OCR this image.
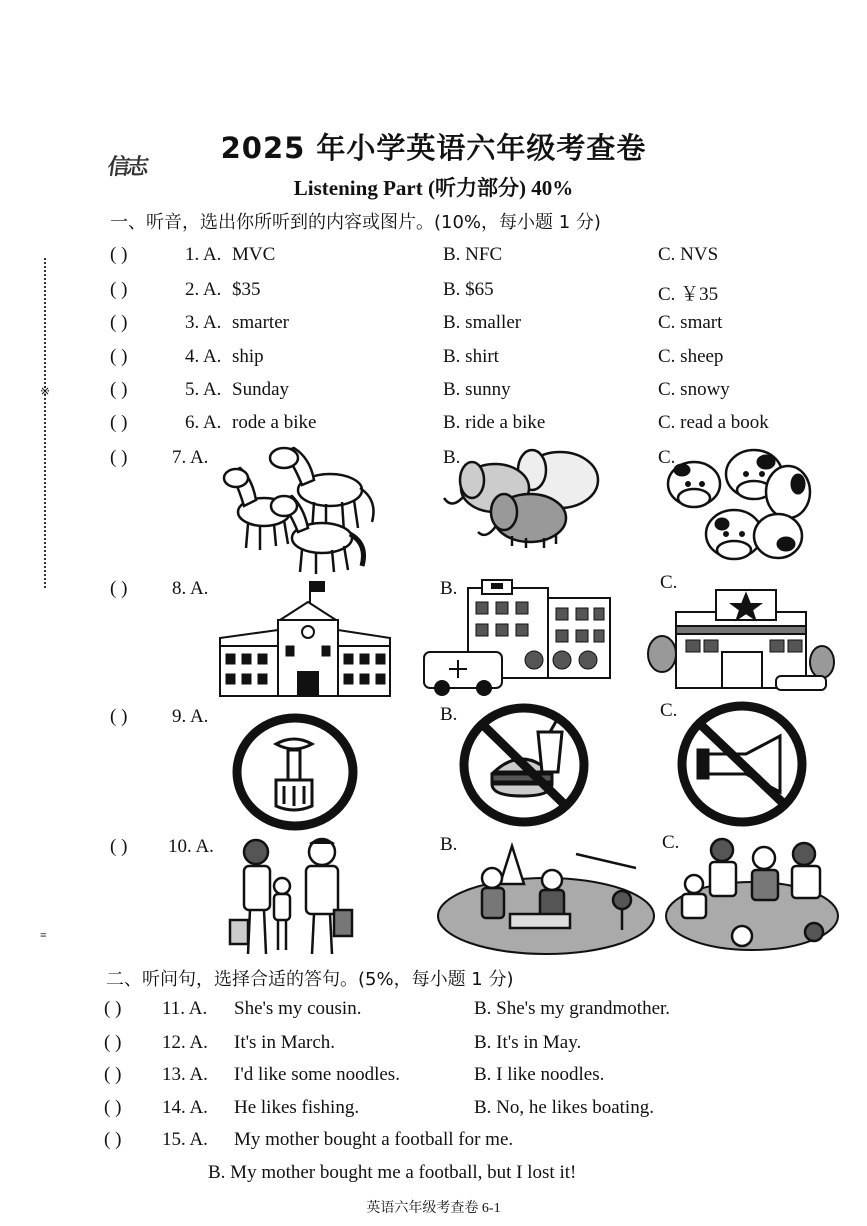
信志
2025 年小学英语六年级考查卷
Listening Part (听力部分) 40%
※
≡
一、听音，选出你所听到的内容或图片。(10%，每小题 1 分)
( )	1. A. MVC	B. NFC	C. NVS
( )	2. A. $35	B. $65	C. ￥35
( )	3. A. smarter	B. smaller	C. smart
( )	4. A. ship	B. shirt	C. sheep
( )	5. A. Sunday	B. sunny	C. snowy
( )	6. A. rode a bike	B. ride a bike	C. read a book
( ) 7. A.	B.	C.
( ) 8. A.	B.	C.
( ) 9. A.	B.	C.
( ) 10. A.	B.	C.
二、听问句，选择合适的答句。(5%，每小题 1 分)
( ) 11. A. She's my cousin.	B. She's my grandmother.
( ) 12. A. It's in March.	B. It's in May.
( ) 13. A. I'd like some noodles.	B. I like noodles.
( ) 14. A. He likes fishing.	B. No, he likes boating.
( ) 15. A. My mother bought a football for me.
B. My mother bought me a football, but I lost it!
英语六年级考查卷 6-1
